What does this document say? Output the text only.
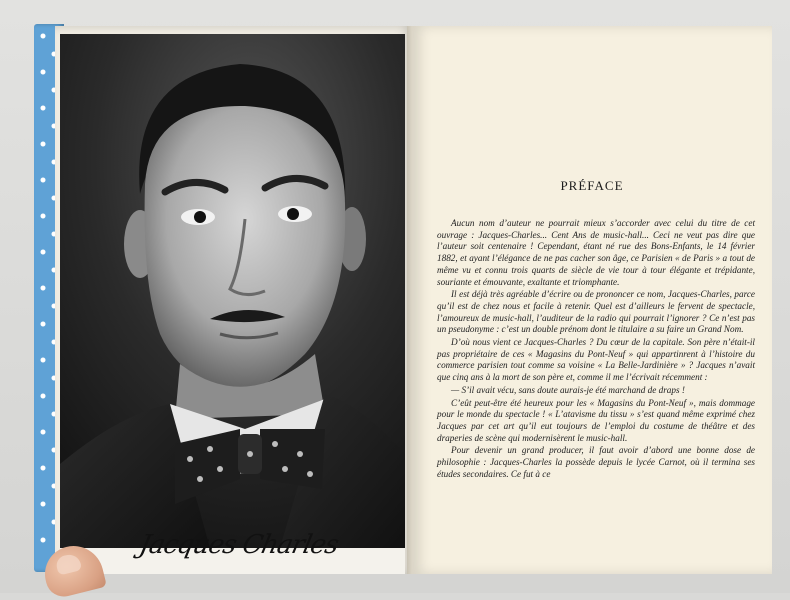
Jacques Charles
PRÉFACE

Aucun nom d’auteur ne pourrait mieux s’accorder avec celui du titre de cet ouvrage : Jacques-Charles... Cent Ans de music-hall... Ceci ne veut pas dire que l’auteur soit centenaire ! Cependant, étant né rue des Bons-Enfants, le 14 février 1882, et ayant l’élégance de ne pas cacher son âge, ce Parisien « de Paris » a tout de même vu et connu trois quarts de siècle de vie tour à tour élégante et trépidante, souriante et émouvante, exaltante et triomphante.

Il est déjà très agréable d’écrire ou de prononcer ce nom, Jacques-Charles, parce qu’il est de chez nous et facile à retenir. Quel est d’ailleurs le fervent de spectacle, l’amoureux de music-hall, l’auditeur de la radio qui pourrait l’ignorer ? Ce n’est pas un pseudonyme : c’est un double prénom dont le titulaire a su faire un Grand Nom.

D’où nous vient ce Jacques-Charles ? Du cœur de la capitale. Son père n’était-il pas propriétaire de ces « Magasins du Pont-Neuf » qui appartinrent à l’histoire du commerce parisien tout comme sa voisine « La Belle-Jardinière » ? Jacques n’avait que cinq ans à la mort de son père et, comme il me l’écrivait récemment :

— S’il avait vécu, sans doute aurais-je été marchand de draps !

C’eût peut-être été heureux pour les « Magasins du Pont-Neuf », mais dommage pour le monde du spectacle ! « L’atavisme du tissu » s’est quand même exprimé chez Jacques par cet art qu’il eut toujours de l’emploi du costume de théâtre et des draperies de scène qui modernisèrent le music-hall.

Pour devenir un grand producer, il faut avoir d’abord une bonne dose de philosophie : Jacques-Charles la possède depuis le lycée Carnot, où il termina ses études secondaires. Ce fut à ce
